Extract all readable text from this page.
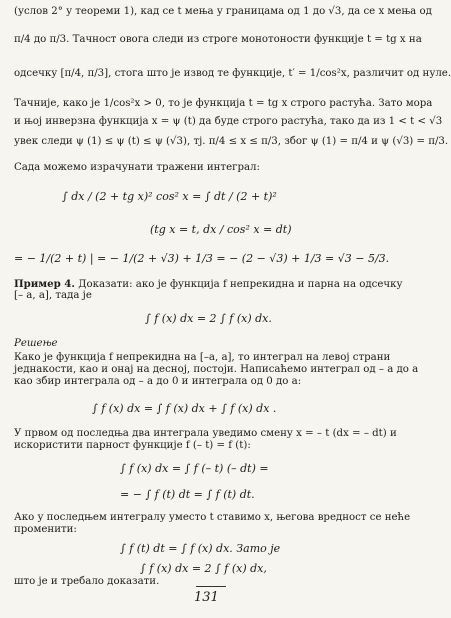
(услов 2° у теореми 1), кад се t мења у границама од 1 до √3, да се x мења од
π/4 до π/3. Тачност овога следи из строге монотоности функције t = tg x на
одсечку [π/4, π/3], стога што је извод те функције, t′ = 1/cos²x, различит од нуле.
Тачније, како је 1/cos²x > 0, то је функција t = tg x строго растућа. Зато мора
и њој инверзна функција x = ψ (t) да буде строго растућа, тако да из 1 < t < √3
увек следи ψ (1) ≤ ψ (t) ≤ ψ (√3), тј. π/4 ≤ x ≤ π/3, због ψ (1) = π/4 и ψ (√3) = π/3.
Сада можемо израчунати тражени интеграл:
∫ dx / (2 + tg x)² cos² x = ∫ dt / (2 + t)²
(tg x = t, dx / cos² x = dt)
= − 1/(2 + t) | = − 1/(2 + √3) + 1/3 = − (2 − √3) + 1/3 = √3 − 5/3.
Пример 4. Доказати: ако је функција f непрекидна и парна на одсечку
[– a, a], тада је
∫ f (x) dx = 2 ∫ f (x) dx.
Решење
Како је функција f непрекидна на [–a, a], то интеграл на левој страни
једнакости, као и онај на десној, постоји. Написаћемо интеграл од – a до a
као збир интеграла од – a до 0 и интеграла од 0 до a:
∫ f (x) dx = ∫ f (x) dx + ∫ f (x) dx .
У првом од последња два интеграла уведимо смену x = – t (dx = – dt) и
искористити парност функције f (– t) = f (t):
∫ f (x) dx = ∫ f (– t) (– dt) =
= − ∫ f (t) dt = ∫ f (t) dt.
Ако у последњем интегралу уместо t ставимо x, његова вредност се неће
променити:
∫ f (t) dt = ∫ f (x) dx. Зато је
∫ f (x) dx = 2 ∫ f (x) dx,
што је и требало доказати.
131
